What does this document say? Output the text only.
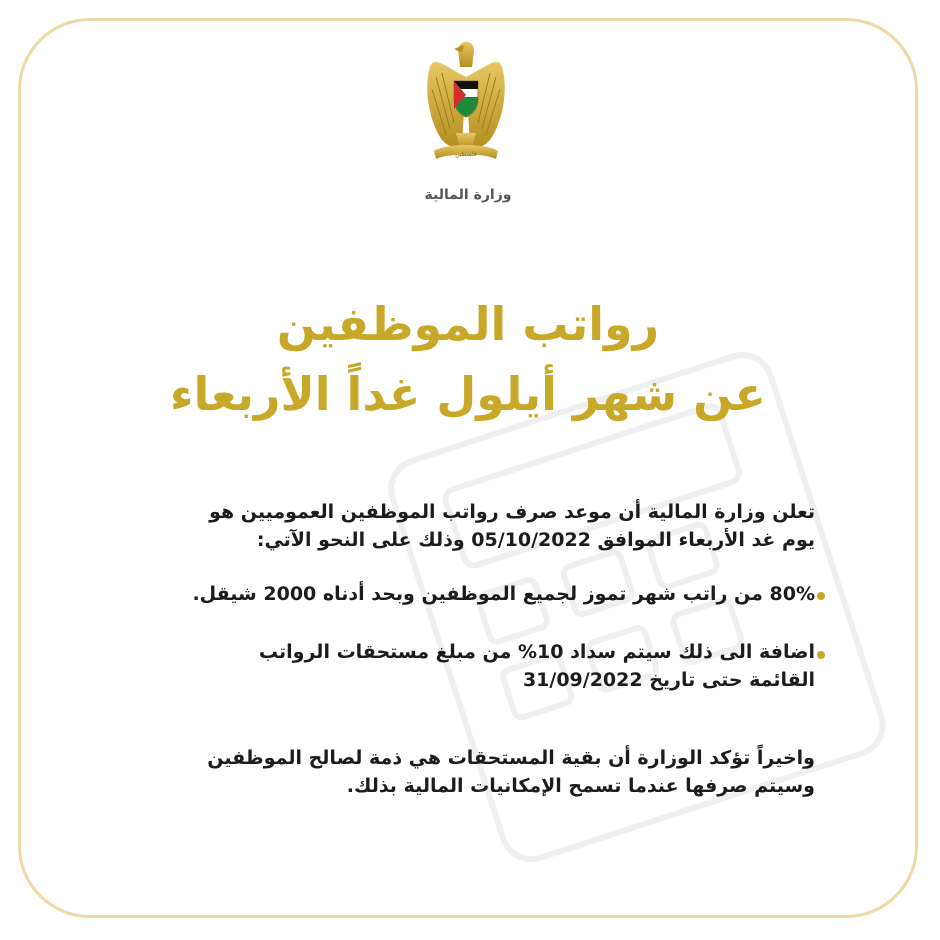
فلسطين
وزارة المالية
رواتب الموظفين
عن شهر أيلول غداً الأربعاء
تعلن وزارة المالية أن موعد صرف رواتب الموظفين العموميين هو
يوم غد الأربعاء الموافق 05/10/2022 وذلك على النحو الآتي:
80% من راتب شهر تموز لجميع الموظفين وبحد أدناه 2000 شيقل.
اضافة الى ذلك سيتم سداد 10% من مبلغ مستحقات الرواتب
القائمة حتى تاريخ 31/09/2022
واخيراً تؤكد الوزارة أن بقية المستحقات هي ذمة لصالح الموظفين
وسيتم صرفها عندما تسمح الإمكانيات المالية بذلك.
